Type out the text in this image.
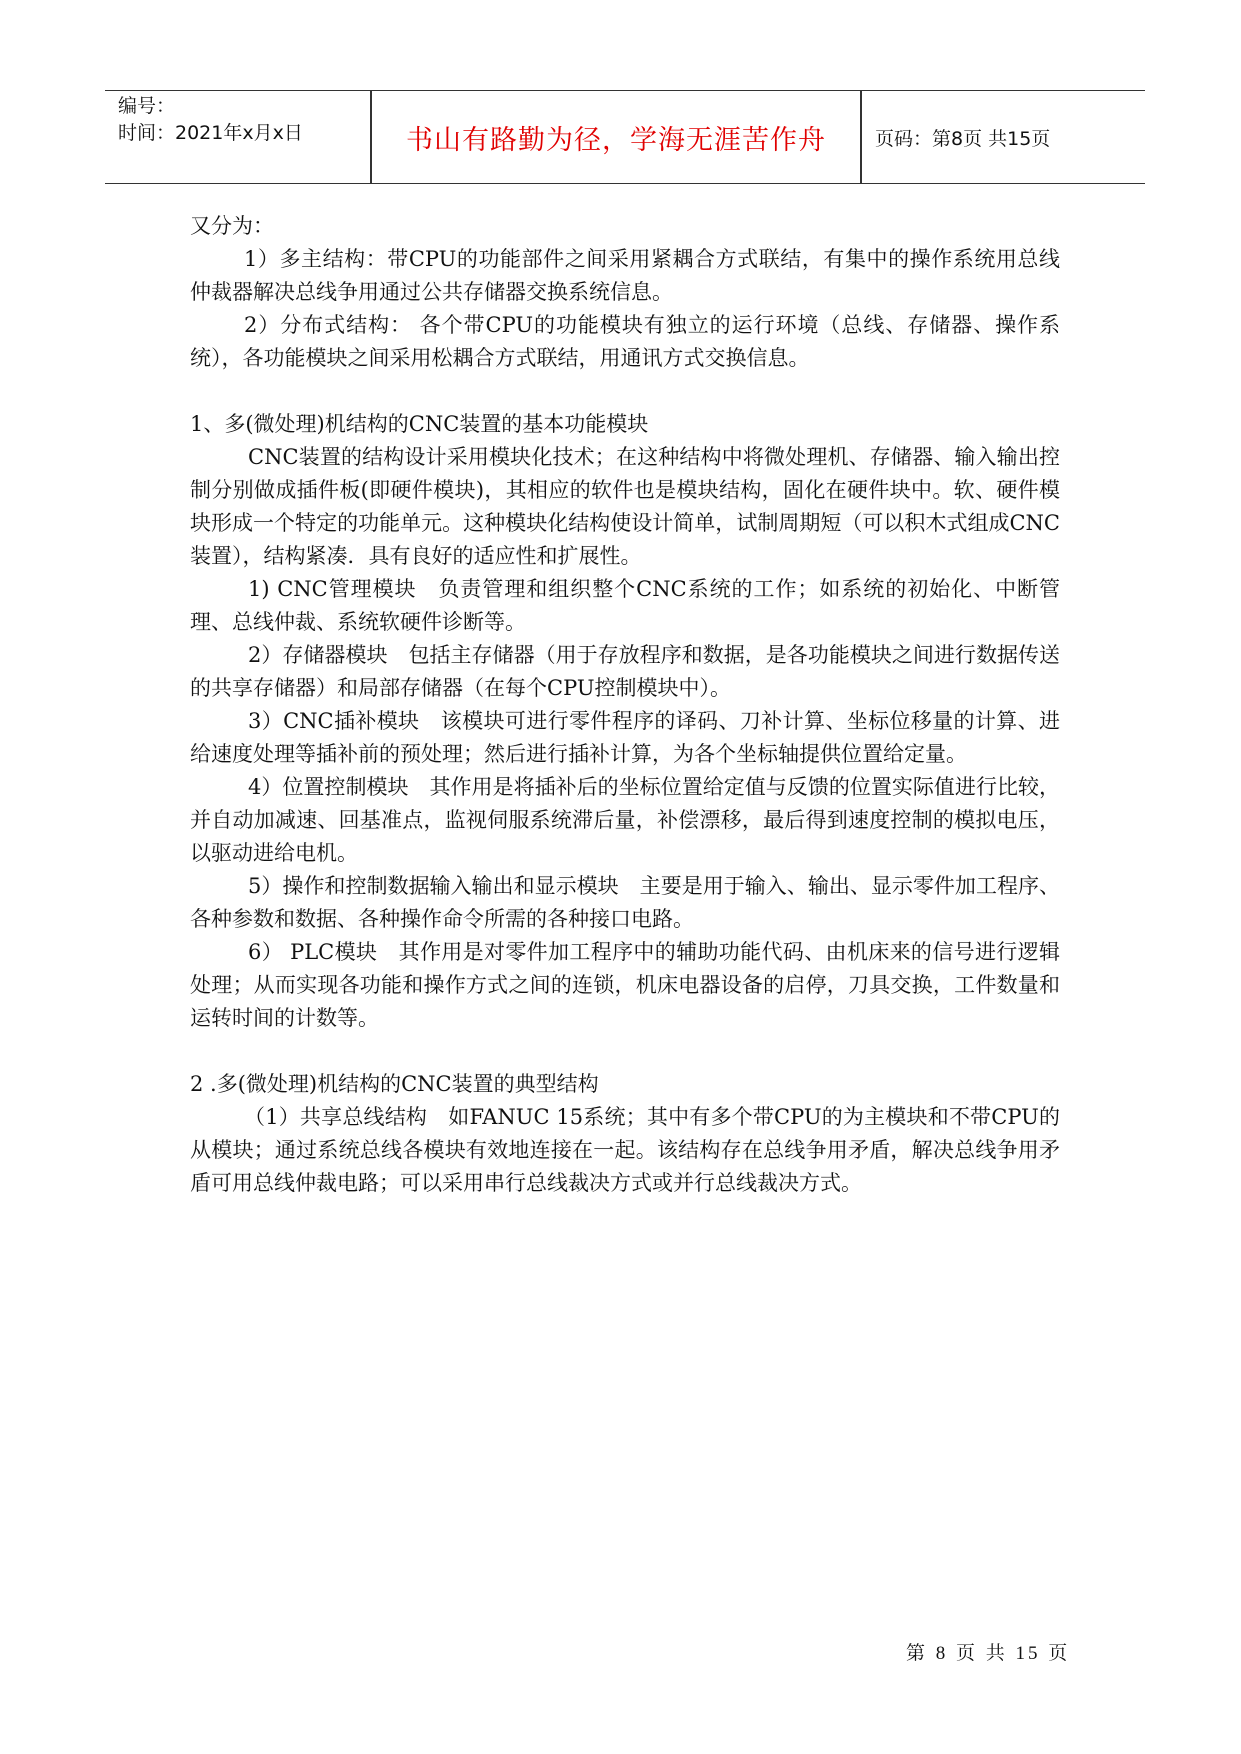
编号：
时间：2021年x月x日	书山有路勤为径，学海无涯苦作舟	页码：第8页 共15页

又分为：

1）多主结构：带CPU的功能部件之间采用紧耦合方式联结，有集中的操作系统用总线仲裁器解决总线争用通过公共存储器交换系统信息。

2）分布式结构： 各个带CPU的功能模块有独立的运行环境（总线、存储器、操作系统），各功能模块之间采用松耦合方式联结，用通讯方式交换信息。

1、多(微处理)机结构的CNC装置的基本功能模块

CNC装置的结构设计采用模块化技术；在这种结构中将微处理机、存储器、输入输出控制分别做成插件板(即硬件模块)，其相应的软件也是模块结构，固化在硬件块中。软、硬件模块形成一个特定的功能单元。这种模块化结构使设计简单，试制周期短（可以积木式组成CNC装置），结构紧凑．具有良好的适应性和扩展性。

1) CNC管理模块　负责管理和组织整个CNC系统的工作；如系统的初始化、中断管理、总线仲裁、系统软硬件诊断等。

2）存储器模块　包括主存储器（用于存放程序和数据，是各功能模块之间进行数据传送的共享存储器）和局部存储器（在每个CPU控制模块中）。

3）CNC插补模块　该模块可进行零件程序的译码、刀补计算、坐标位移量的计算、进给速度处理等插补前的预处理；然后进行插补计算，为各个坐标轴提供位置给定量。

4）位置控制模块　其作用是将插补后的坐标位置给定值与反馈的位置实际值进行比较，并自动加减速、回基准点，监视伺服系统滞后量，补偿漂移，最后得到速度控制的模拟电压，以驱动进给电机。

5）操作和控制数据输入输出和显示模块　主要是用于输入、输出、显示零件加工程序、各种参数和数据、各种操作命令所需的各种接口电路。

6） PLC模块　其作用是对零件加工程序中的辅助功能代码、由机床来的信号进行逻辑处理；从而实现各功能和操作方式之间的连锁，机床电器设备的启停，刀具交换，工件数量和运转时间的计数等。

2 .多(微处理)机结构的CNC装置的典型结构

（1）共享总线结构　如FANUC 15系统；其中有多个带CPU的为主模块和不带CPU的从模块；通过系统总线各模块有效地连接在一起。该结构存在总线争用矛盾，解决总线争用矛盾可用总线仲裁电路；可以采用串行总线裁决方式或并行总线裁决方式。

第 8 页 共 15 页
